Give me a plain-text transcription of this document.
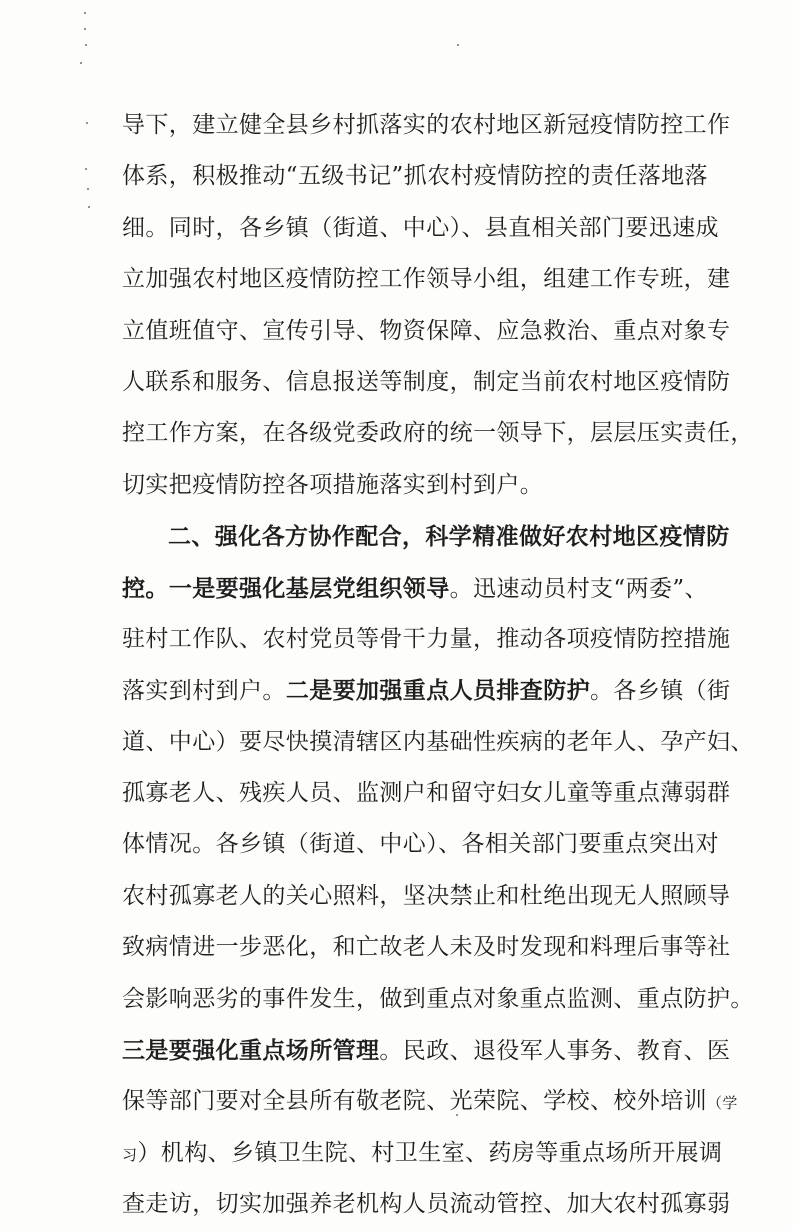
导下，建立健全县乡村抓落实的农村地区新冠疫情防控工作
体系，积极推动“五级书记”抓农村疫情防控的责任落地落
细。同时，各乡镇（街道、中心）、县直相关部门要迅速成
立加强农村地区疫情防控工作领导小组，组建工作专班，建
立值班值守、宣传引导、物资保障、应急救治、重点对象专
人联系和服务、信息报送等制度，制定当前农村地区疫情防
控工作方案，在各级党委政府的统一领导下，层层压实责任，
切实把疫情防控各项措施落实到村到户。
二、强化各方协作配合，科学精准做好农村地区疫情防
控。一是要强化基层党组织领导。迅速动员村支“两委”、
驻村工作队、农村党员等骨干力量，推动各项疫情防控措施
落实到村到户。二是要加强重点人员排查防护。各乡镇（街
道、中心）要尽快摸清辖区内基础性疾病的老年人、孕产妇、
孤寡老人、残疾人员、监测户和留守妇女儿童等重点薄弱群
体情况。各乡镇（街道、中心）、各相关部门要重点突出对
农村孤寡老人的关心照料，坚决禁止和杜绝出现无人照顾导
致病情进一步恶化，和亡故老人未及时发现和料理后事等社
会影响恶劣的事件发生，做到重点对象重点监测、重点防护。
三是要强化重点场所管理。民政、退役军人事务、教育、医
保等部门要对全县所有敬老院、光荣院、学校、校外培训（学
习）机构、乡镇卫生院、村卫生室、药房等重点场所开展调
查走访，切实加强养老机构人员流动管控、加大农村孤寡弱
